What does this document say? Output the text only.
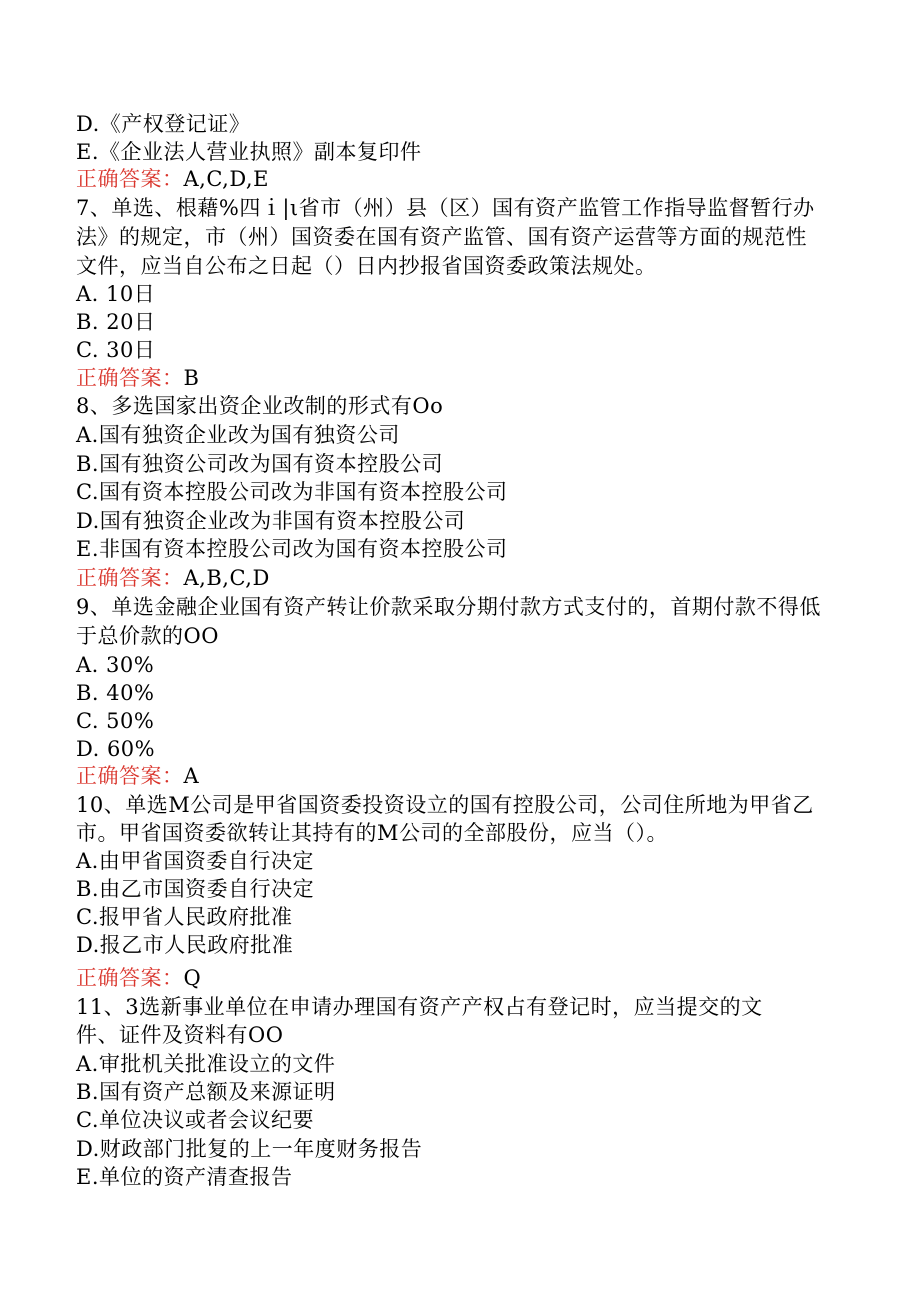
D.《产权登记证》
E.《企业法人营业执照》副本复印件
正确答案：A,C,D,E
7、单选、根藉%四ｉ|ι省市（州）县（区）国有资产监管工作指导监督暂行办
法》的规定，市（州）国资委在国有资产监管、国有资产运营等方面的规范性
文件，应当自公布之日起（）日内抄报省国资委政策法规处。
A. 10日
B. 20日
C. 30日
正确答案：B
8、多选国家出资企业改制的形式有Oo
A.国有独资企业改为国有独资公司
B.国有独资公司改为国有资本控股公司
C.国有资本控股公司改为非国有资本控股公司
D.国有独资企业改为非国有资本控股公司
E.非国有资本控股公司改为国有资本控股公司
正确答案：A,B,C,D
9、单选金融企业国有资产转让价款采取分期付款方式支付的，首期付款不得低
于总价款的OO
A. 30%
B. 40%
C. 50%
D. 60%
正确答案：A
10、单选M公司是甲省国资委投资设立的国有控股公司，公司住所地为甲省乙
市。甲省国资委欲转让其持有的M公司的全部股份，应当（）。
A.由甲省国资委自行决定
B.由乙市国资委自行决定
C.报甲省人民政府批准
D.报乙市人民政府批准
正确答案：Q
11、3选新事业单位在申请办理国有资产产权占有登记时，应当提交的文
件、证件及资料有OO
A.审批机关批准设立的文件
B.国有资产总额及来源证明
C.单位决议或者会议纪要
D.财政部门批复的上一年度财务报告
E.单位的资产清查报告
